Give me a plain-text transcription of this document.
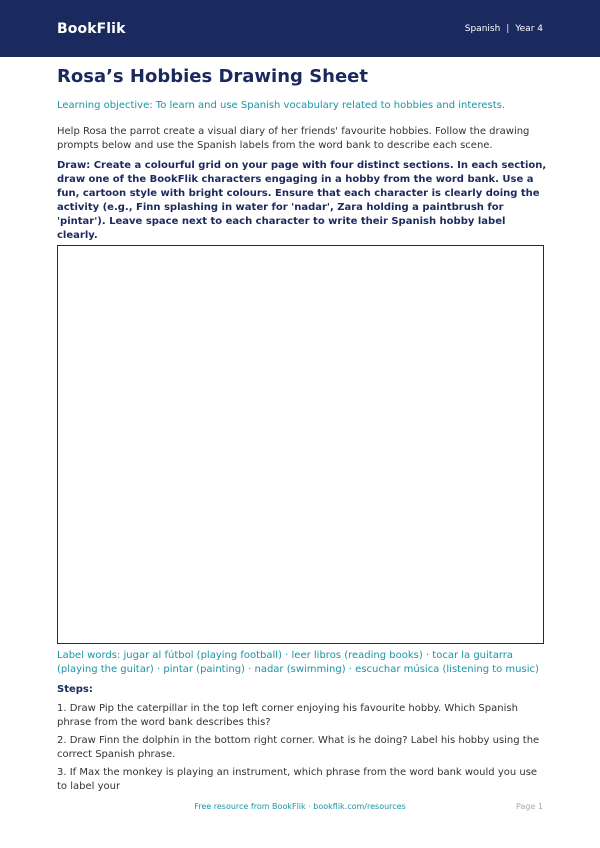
BookFlik	Spanish | Year 4
Rosa’s Hobbies Drawing Sheet

Learning objective: To learn and use Spanish vocabulary related to hobbies and interests.

Help Rosa the parrot create a visual diary of her friends' favourite hobbies. Follow the drawing prompts below and use the Spanish labels from the word bank to describe each scene.

Draw: Create a colourful grid on your page with four distinct sections. In each section, draw one of the BookFlik characters engaging in a hobby from the word bank. Use a fun, cartoon style with bright colours. Ensure that each character is clearly doing the activity (e.g., Finn splashing in water for 'nadar', Zara holding a paintbrush for 'pintar'). Leave space next to each character to write their Spanish hobby label clearly.

Label words: jugar al fútbol (playing football) · leer libros (reading books) · tocar la guitarra (playing the guitar) · pintar (painting) · nadar (swimming) · escuchar música (listening to music)

Steps:
1. Draw Pip the caterpillar in the top left corner enjoying his favourite hobby. Which Spanish phrase from the word bank describes this?
2. Draw Finn the dolphin in the bottom right corner. What is he doing? Label his hobby using the correct Spanish phrase.
3. If Max the monkey is playing an instrument, which phrase from the word bank would you use to label your
Free resource from BookFlik · bookflik.com/resources	Page 1
